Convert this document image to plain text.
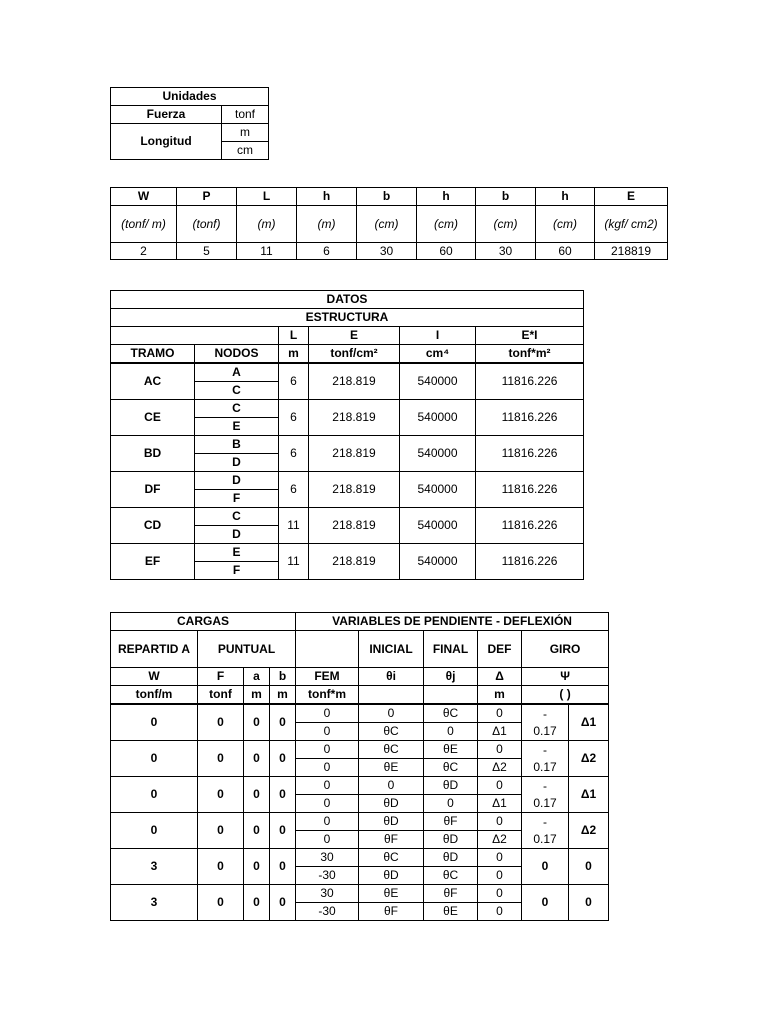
Unidades	
Fuerza	tonf
Longitud	m
	cm
W	P	L	h	b	h	b	h	E
(tonf/ m)	(tonf)	(m)	(m)	(cm)	(cm)	(cm)	(cm)	(kgf/ cm2)
2	5	11	6	30	60	30	60	218819
DATOS					
ESTRUCTURA					
		L	E	I	E*I
TRAMO	NODOS	m	tonf/cm²	cm⁴	tonf*m²
AC	A	6	218.819	540000	11816.226
	C				
CE	C	6	218.819	540000	11816.226
	E				
BD	B	6	218.819	540000	11816.226
	D				
DF	D	6	218.819	540000	11816.226
	F				
CD	C	11	218.819	540000	11816.226
	D				
EF	E	11	218.819	540000	11816.226
	F				
CARGAS				VARIABLES DE PENDIENTE - DEFLEXIÓN				
REPARTID A	PUNTUAL				INICIAL	FINAL	DEF	GIRO
W	F	a	b	FEM	θi	θj	Δ	Ψ
tonf/m	tonf	m	m	tonf*m			m	( )
0	0	0	0	0	0	θC	0	-	Δ1
				0	θC	0	Δ1	0.17	
0	0	0	0	0	θC	θE	0	-	Δ2
				0	θE	θC	Δ2	0.17	
0	0	0	0	0	0	θD	0	-	Δ1
				0	θD	0	Δ1	0.17	
0	0	0	0	0	θD	θF	0	-	Δ2
				0	θF	θD	Δ2	0.17	
3	0	0	0	30	θC	θD	0	0	0
				-30	θD	θC	0		
3	0	0	0	30	θE	θF	0	0	0
				-30	θF	θE	0		
